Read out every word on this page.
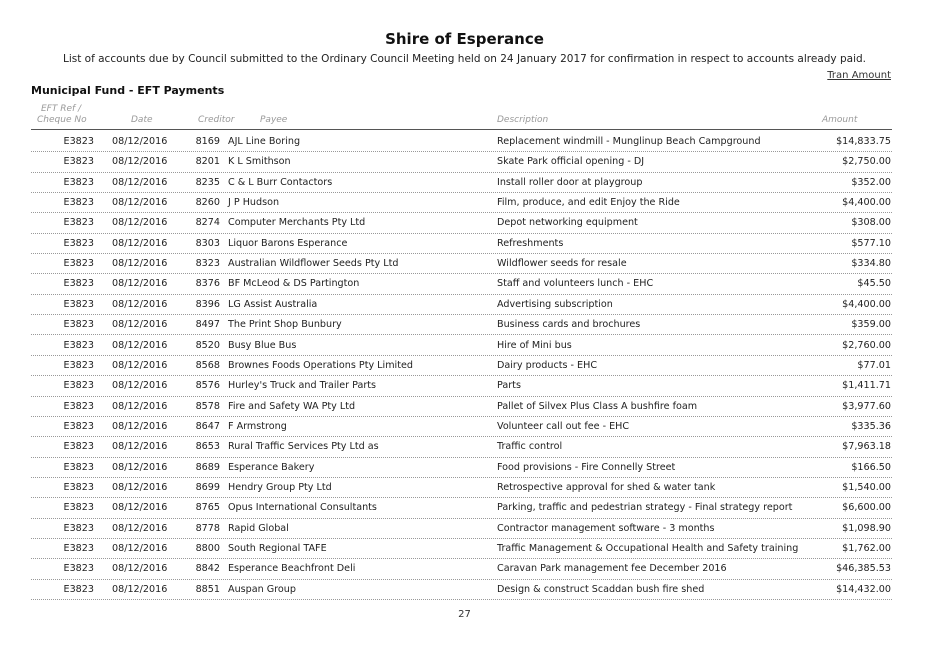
Shire of Esperance
List of accounts due by Council submitted to the Ordinary Council Meeting held on 24 January 2017 for confirmation in respect to accounts already paid.
Tran Amount
Municipal Fund - EFT Payments
EFT Ref /
Cheque No	Date	Creditor	Payee	Description	Amount
E3823 08/12/2016	8169 AJL Line Boring	Replacement windmill - Munglinup Beach Campground	$14,833.75
E3823 08/12/2016	8201 K L Smithson	Skate Park official opening - DJ	$2,750.00
E3823 08/12/2016	8235 C & L Burr Contactors	Install roller door at playgroup	$352.00
E3823 08/12/2016	8260 J P Hudson	Film, produce, and edit Enjoy the Ride	$4,400.00
E3823 08/12/2016	8274 Computer Merchants Pty Ltd	Depot networking equipment	$308.00
E3823 08/12/2016	8303 Liquor Barons Esperance	Refreshments	$577.10
E3823 08/12/2016	8323 Australian Wildflower Seeds Pty Ltd	Wildflower seeds for resale	$334.80
E3823 08/12/2016	8376 BF McLeod & DS Partington	Staff and volunteers lunch - EHC	$45.50
E3823 08/12/2016	8396 LG Assist Australia	Advertising subscription	$4,400.00
E3823 08/12/2016	8497 The Print Shop Bunbury	Business cards and brochures	$359.00
E3823 08/12/2016	8520 Busy Blue Bus	Hire of Mini bus	$2,760.00
E3823 08/12/2016	8568 Brownes Foods Operations Pty Limited	Dairy products - EHC	$77.01
E3823 08/12/2016	8576 Hurley's Truck and Trailer Parts	Parts	$1,411.71
E3823 08/12/2016	8578 Fire and Safety WA Pty Ltd	Pallet of Silvex Plus Class A bushfire foam	$3,977.60
E3823 08/12/2016	8647 F Armstrong	Volunteer call out fee - EHC	$335.36
E3823 08/12/2016	8653 Rural Traffic Services Pty Ltd as	Traffic control	$7,963.18
E3823 08/12/2016	8689 Esperance Bakery	Food provisions - Fire Connelly Street	$166.50
E3823 08/12/2016	8699 Hendry Group Pty Ltd	Retrospective approval for shed & water tank	$1,540.00
E3823 08/12/2016	8765 Opus International Consultants	Parking, traffic and pedestrian strategy - Final strategy report	$6,600.00
E3823 08/12/2016	8778 Rapid Global	Contractor management software - 3 months	$1,098.90
E3823 08/12/2016	8800 South Regional TAFE	Traffic Management & Occupational Health and Safety training	$1,762.00
E3823 08/12/2016	8842 Esperance Beachfront Deli	Caravan Park management fee December 2016	$46,385.53
E3823 08/12/2016	8851 Auspan Group	Design & construct Scaddan bush fire shed	$14,432.00
27
